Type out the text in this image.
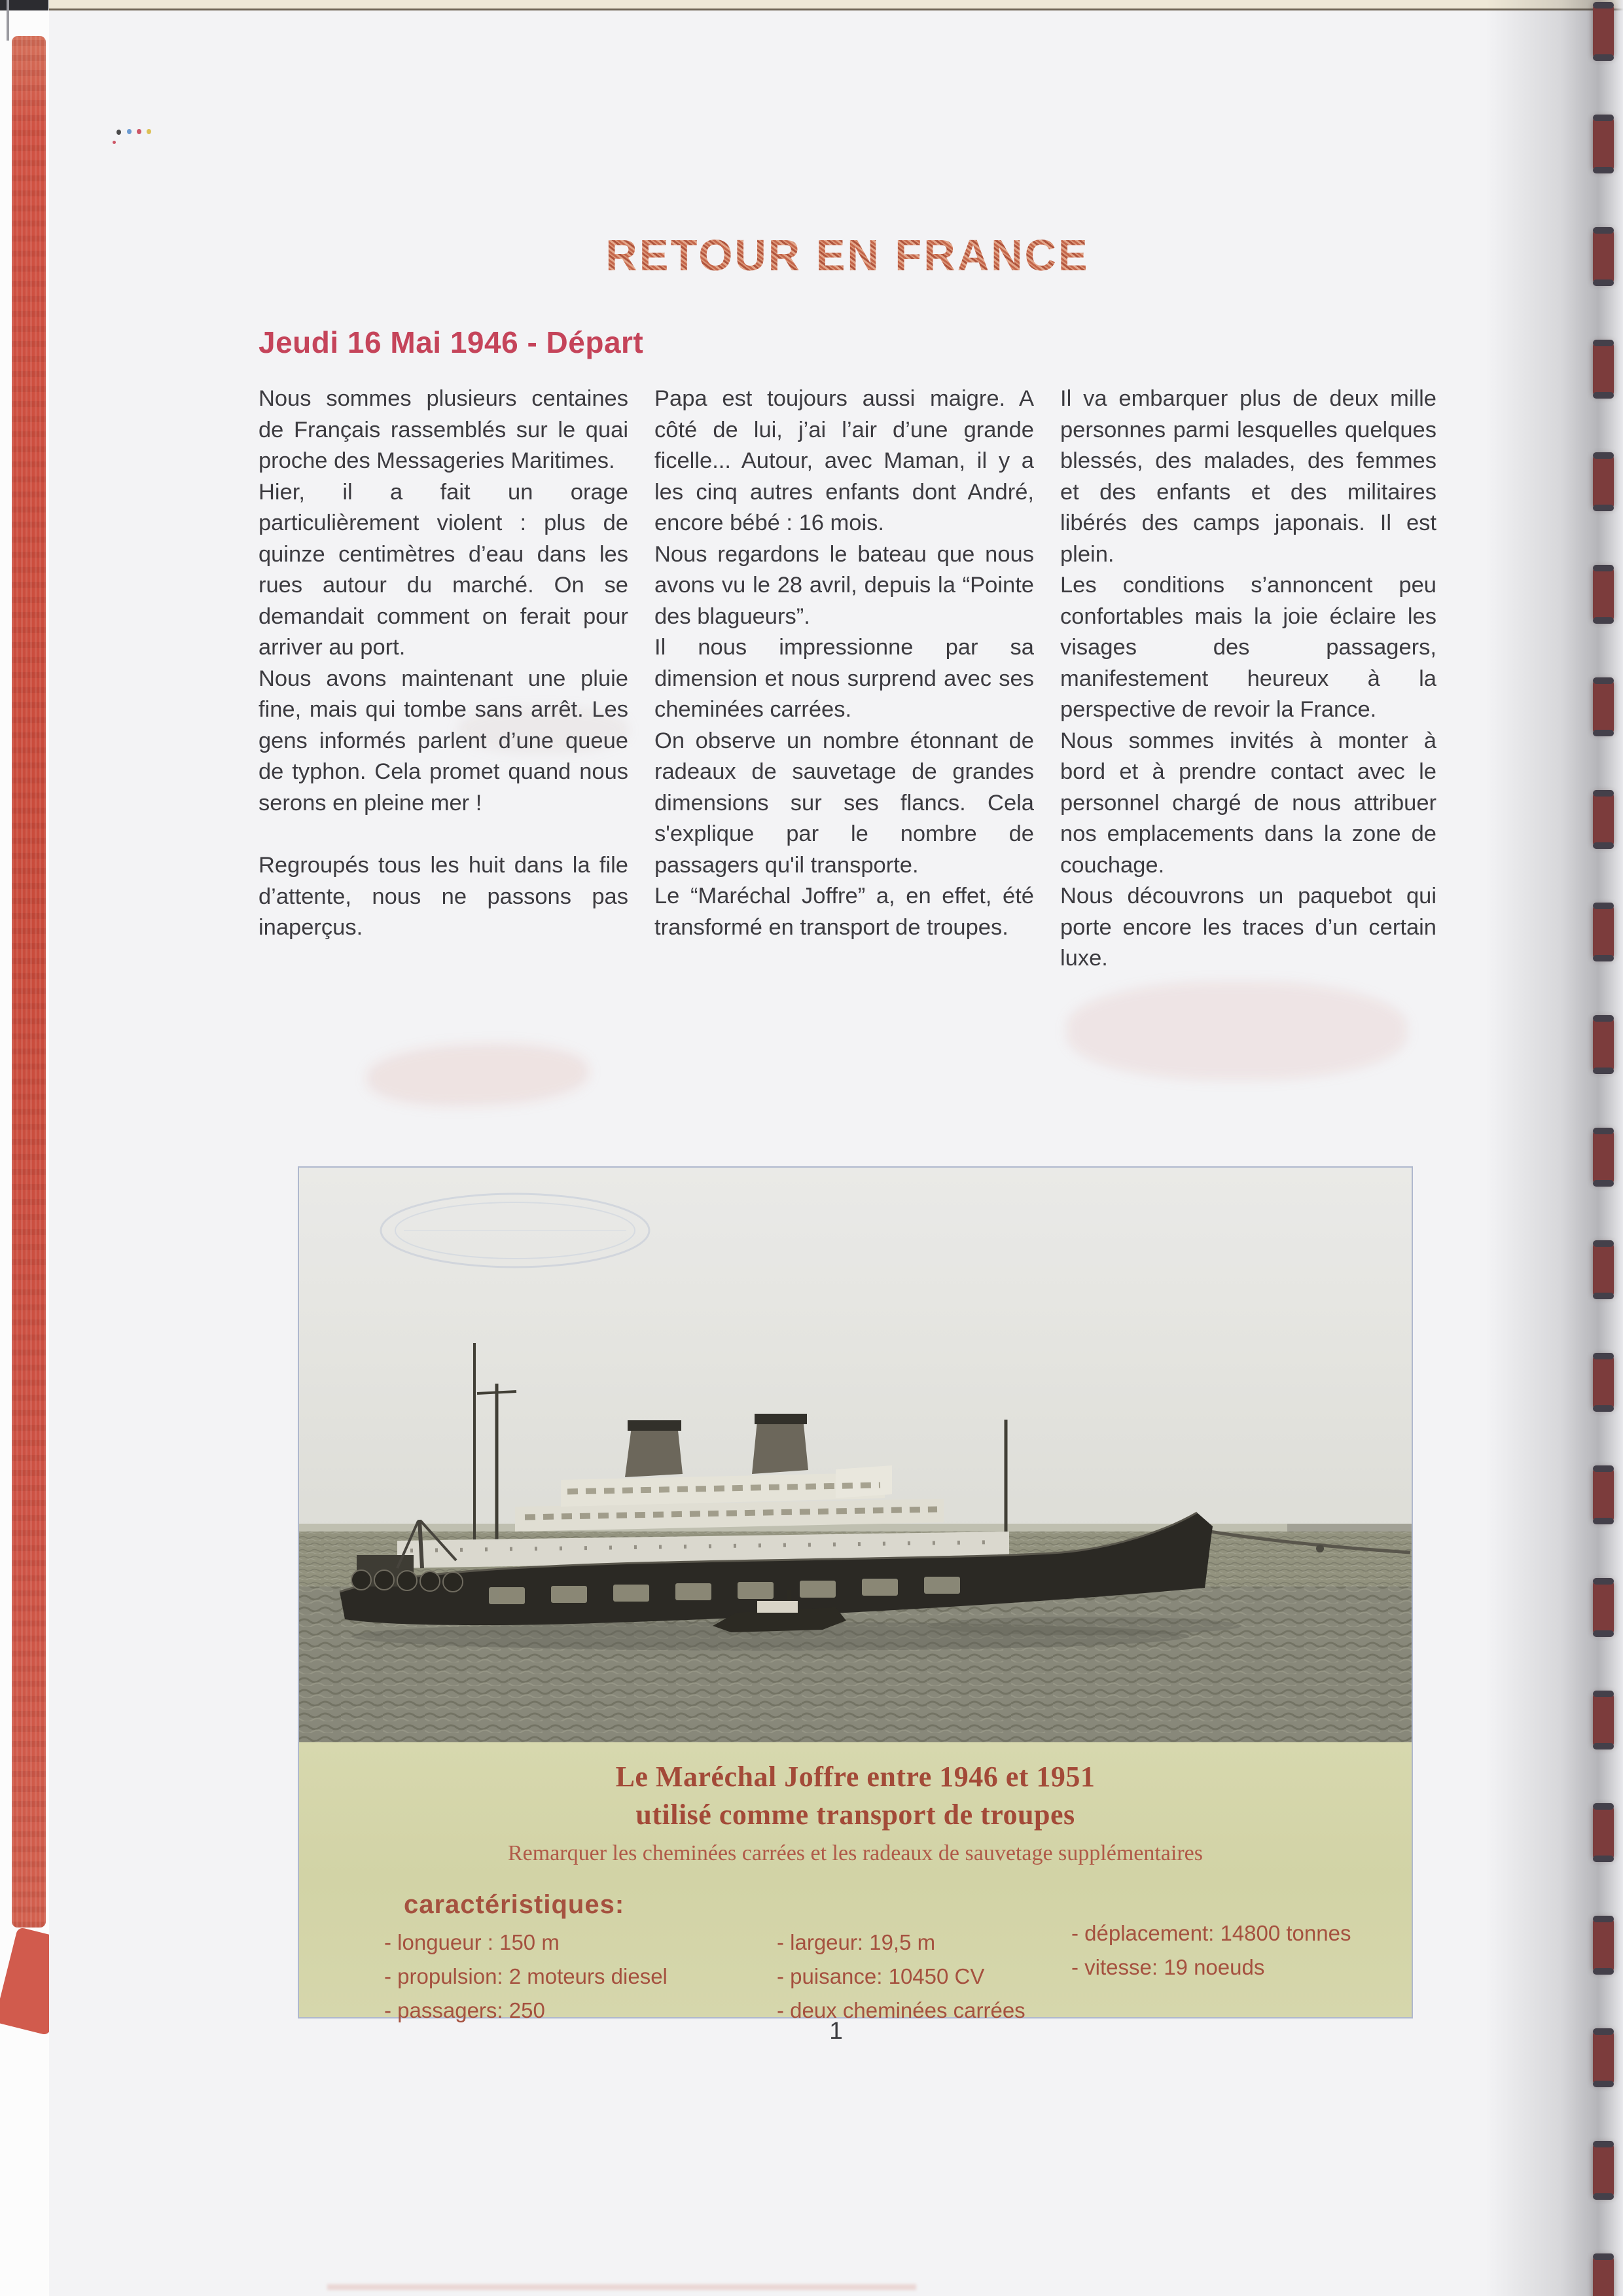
RETOUR EN FRANCE
Jeudi 16 Mai 1946 - Départ

Nous sommes plusieurs centaines de Français rassemblés sur le quai proche des Messageries Maritimes.

Hier, il a fait un orage particulièrement violent : plus de quinze centimètres d’eau dans les rues autour du marché. On se demandait comment on ferait pour arriver au port.

Nous avons maintenant une pluie fine, mais qui tombe sans arrêt. Les gens informés parlent d’une queue de typhon. Cela promet quand nous serons en pleine mer !

Regroupés tous les huit dans la file d’attente, nous ne passons pas inaperçus.

Papa est toujours aussi maigre. A côté de lui, j’ai l’air d’une grande ficelle... Autour, avec Maman, il y a les cinq autres enfants dont André, encore bébé : 16 mois.

Nous regardons le bateau que nous avons vu le 28 avril, depuis la “Pointe des blagueurs”.

Il nous impressionne par sa dimension et nous surprend avec ses cheminées carrées.

On observe un nombre étonnant de radeaux de sauvetage de grandes dimensions sur ses flancs. Cela s'explique par le nombre de passagers qu'il transporte.

Le “Maréchal Joffre” a, en effet, été transformé en transport de troupes.

Il va embarquer plus de deux mille personnes parmi lesquelles quelques blessés, des malades, des femmes et des enfants et des militaires libérés des camps japonais. Il est plein.

Les conditions s’annoncent peu confortables mais la joie éclaire les visages des passagers, manifestement heureux à la perspective de revoir la France.

Nous sommes invités à monter à bord et à prendre contact avec le personnel chargé de nous attribuer nos emplacements dans la zone de couchage.

Nous découvrons un paquebot qui porte encore les traces d’un certain luxe.

Le Maréchal Joffre entre 1946 et 1951
utilisé comme transport de troupes
Remarquer les cheminées carrées et les radeaux de sauvetage supplémentaires
caractéristiques:
- longueur : 150 m
- propulsion: 2 moteurs diesel
- passagers: 250
- largeur: 19,5 m
- puisance: 10450 CV
- deux cheminées carrées
- déplacement: 14800 tonnes
- vitesse: 19 noeuds
1
